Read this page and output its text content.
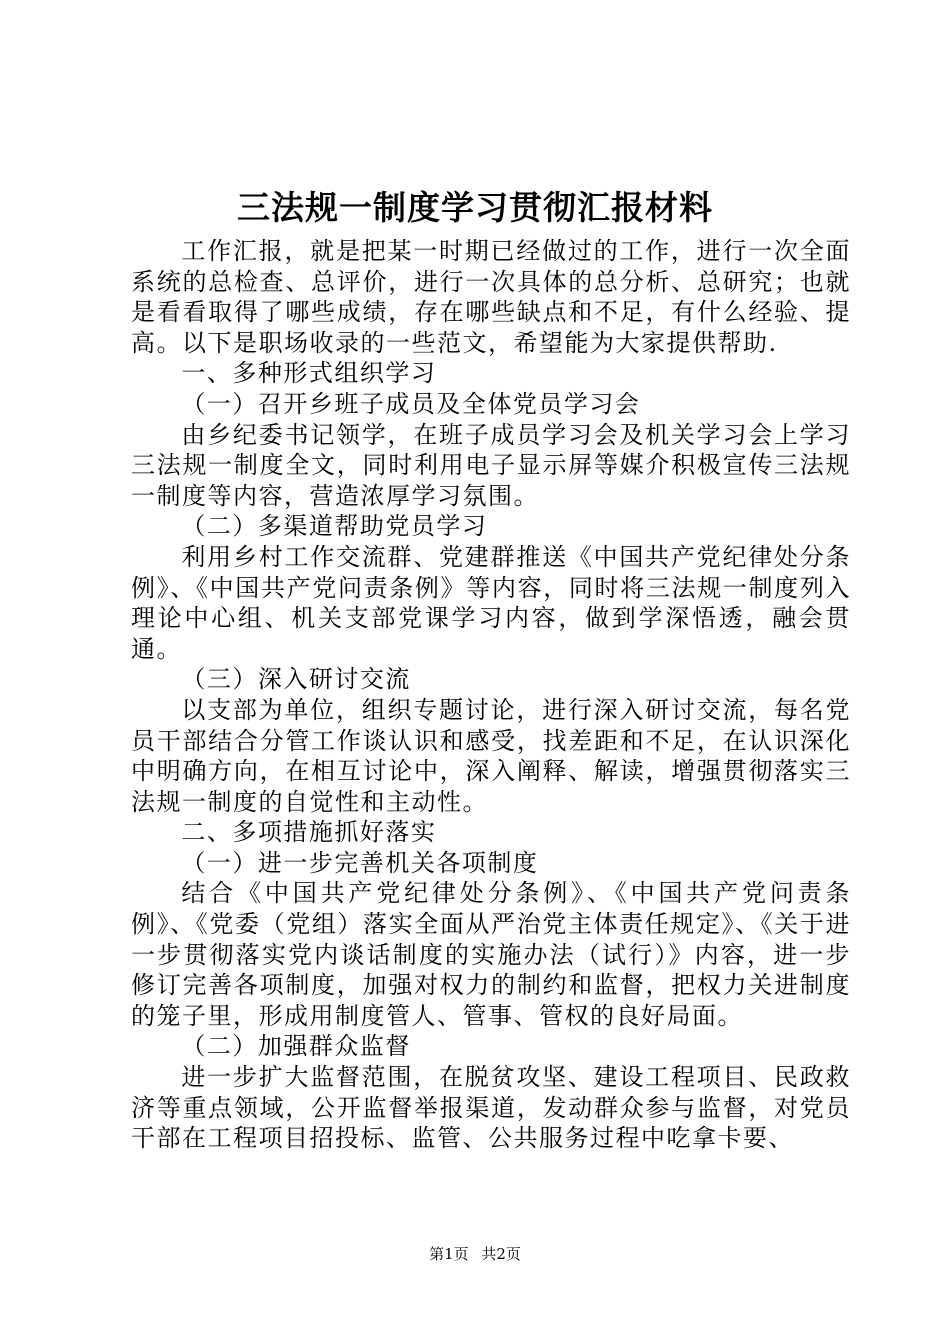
三法规一制度学习贯彻汇报材料

工作汇报，就是把某一时期已经做过的工作，进行一次全面系统的总检查、总评价，进行一次具体的总分析、总研究；也就是看看取得了哪些成绩，存在哪些缺点和不足，有什么经验、提高。以下是职场收录的一些范文，希望能为大家提供帮助.

一、多种形式组织学习

（一）召开乡班子成员及全体党员学习会

由乡纪委书记领学，在班子成员学习会及机关学习会上学习三法规一制度全文，同时利用电子显示屏等媒介积极宣传三法规一制度等内容，营造浓厚学习氛围。

（二）多渠道帮助党员学习

利用乡村工作交流群、党建群推送《中国共产党纪律处分条例》、《中国共产党问责条例》等内容，同时将三法规一制度列入理论中心组、机关支部党课学习内容，做到学深悟透，融会贯通。

（三）深入研讨交流

以支部为单位，组织专题讨论，进行深入研讨交流，每名党员干部结合分管工作谈认识和感受，找差距和不足，在认识深化中明确方向，在相互讨论中，深入阐释、解读，增强贯彻落实三法规一制度的自觉性和主动性。

二、多项措施抓好落实

（一）进一步完善机关各项制度

结合《中国共产党纪律处分条例》、《中国共产党问责条例》、《党委（党组）落实全面从严治党主体责任规定》、《关于进一步贯彻落实党内谈话制度的实施办法（试行）》内容，进一步修订完善各项制度，加强对权力的制约和监督，把权力关进制度的笼子里，形成用制度管人、管事、管权的良好局面。

（二）加强群众监督

进一步扩大监督范围，在脱贫攻坚、建设工程项目、民政救济等重点领域，公开监督举报渠道，发动群众参与监督，对党员干部在工程项目招投标、监管、公共服务过程中吃拿卡要、

第1页 共2页
